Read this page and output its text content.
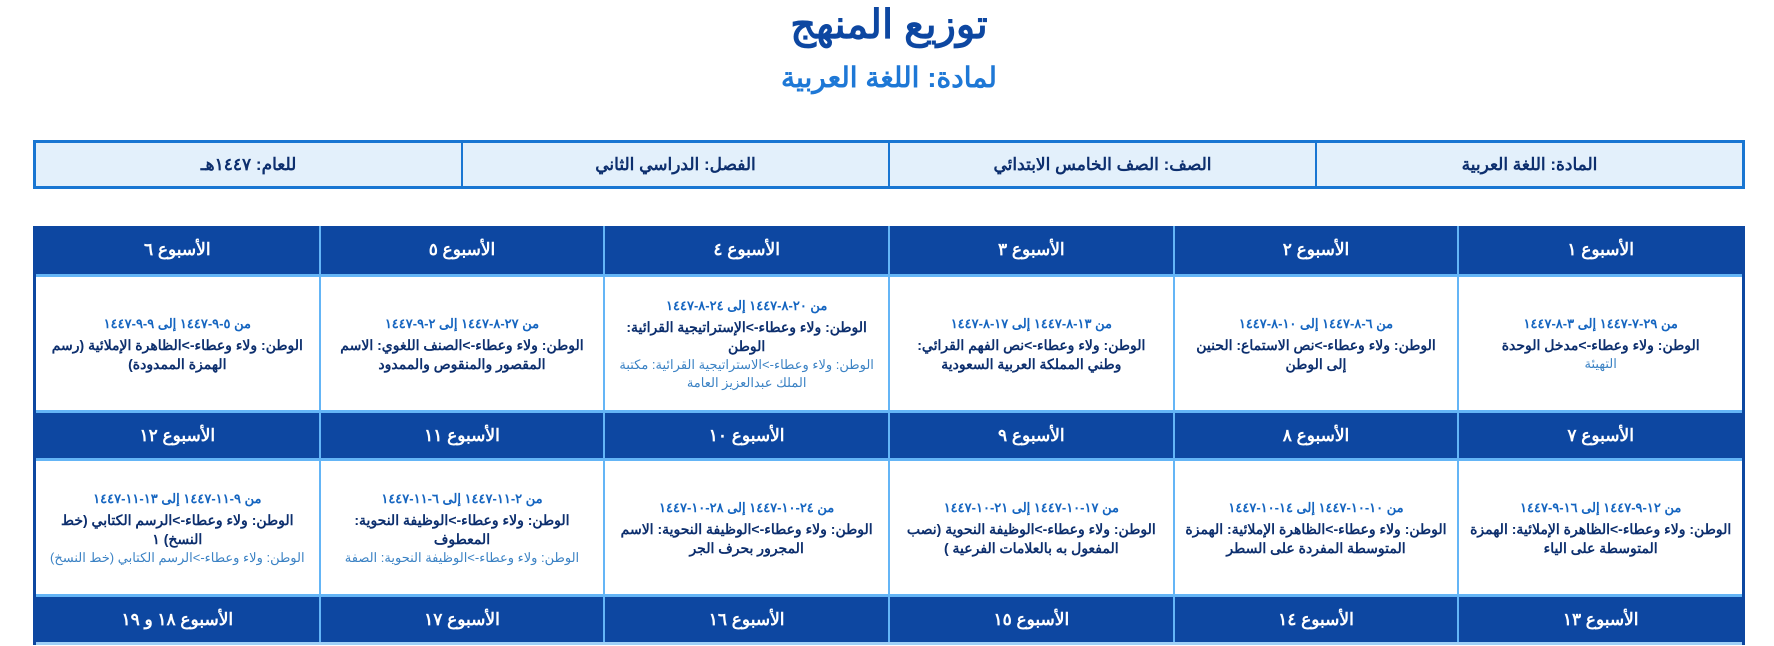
توزيع المنهج
لمادة: اللغة العربية
المادة: اللغة العربية
الصف: الصف الخامس الابتدائي
الفصل: الدراسي الثاني
للعام: ١٤٤٧هـ
الأسبوع ١
الأسبوع ٢
الأسبوع ٣
الأسبوع ٤
الأسبوع ٥
الأسبوع ٦
من ٢٩-٧-١٤٤٧ إلى ٣-٨-١٤٤٧
الوطن: ولاء وعطاء->مدخل الوحدة
التهيئة
من ٦-٨-١٤٤٧ إلى ١٠-٨-١٤٤٧
الوطن: ولاء وعطاء->نص الاستماع: الحنين إلى الوطن
من ١٣-٨-١٤٤٧ إلى ١٧-٨-١٤٤٧
الوطن: ولاء وعطاء->نص الفهم القرائي: وطني المملكة العربية السعودية
من ٢٠-٨-١٤٤٧ إلى ٢٤-٨-١٤٤٧
الوطن: ولاء وعطاء->الإستراتيجية القرائية: الوطن
الوطن: ولاء وعطاء->الاستراتيجية القرائية: مكتبة الملك عبدالعزيز العامة
من ٢٧-٨-١٤٤٧ إلى ٢-٩-١٤٤٧
الوطن: ولاء وعطاء->الصنف اللغوي: الاسم المقصور والمنقوص والممدود
من ٥-٩-١٤٤٧ إلى ٩-٩-١٤٤٧
الوطن: ولاء وعطاء->الظاهرة الإملائية (رسم الهمزة الممدودة)
الأسبوع ٧
الأسبوع ٨
الأسبوع ٩
الأسبوع ١٠
الأسبوع ١١
الأسبوع ١٢
من ١٢-٩-١٤٤٧ إلى ١٦-٩-١٤٤٧
الوطن: ولاء وعطاء->الظاهرة الإملائية: الهمزة المتوسطة على الياء
من ١٠-١٠-١٤٤٧ إلى ١٤-١٠-١٤٤٧
الوطن: ولاء وعطاء->الظاهرة الإملائية: الهمزة المتوسطة المفردة على السطر
من ١٧-١٠-١٤٤٧ إلى ٢١-١٠-١٤٤٧
الوطن: ولاء وعطاء->الوظيفة النحوية (نصب المفعول به بالعلامات الفرعية )
من ٢٤-١٠-١٤٤٧ إلى ٢٨-١٠-١٤٤٧
الوطن: ولاء وعطاء->الوظيفة النحوية: الاسم المجرور بحرف الجر
من ٢-١١-١٤٤٧ إلى ٦-١١-١٤٤٧
الوطن: ولاء وعطاء->الوظيفة النحوية: المعطوف
الوطن: ولاء وعطاء->الوظيفة النحوية: الصفة
من ٩-١١-١٤٤٧ إلى ١٣-١١-١٤٤٧
الوطن: ولاء وعطاء->الرسم الكتابي (خط النسخ) ١
الوطن: ولاء وعطاء->الرسم الكتابي (خط النسخ)
الأسبوع ١٣
الأسبوع ١٤
الأسبوع ١٥
الأسبوع ١٦
الأسبوع ١٧
الأسبوع ١٨ و ١٩
